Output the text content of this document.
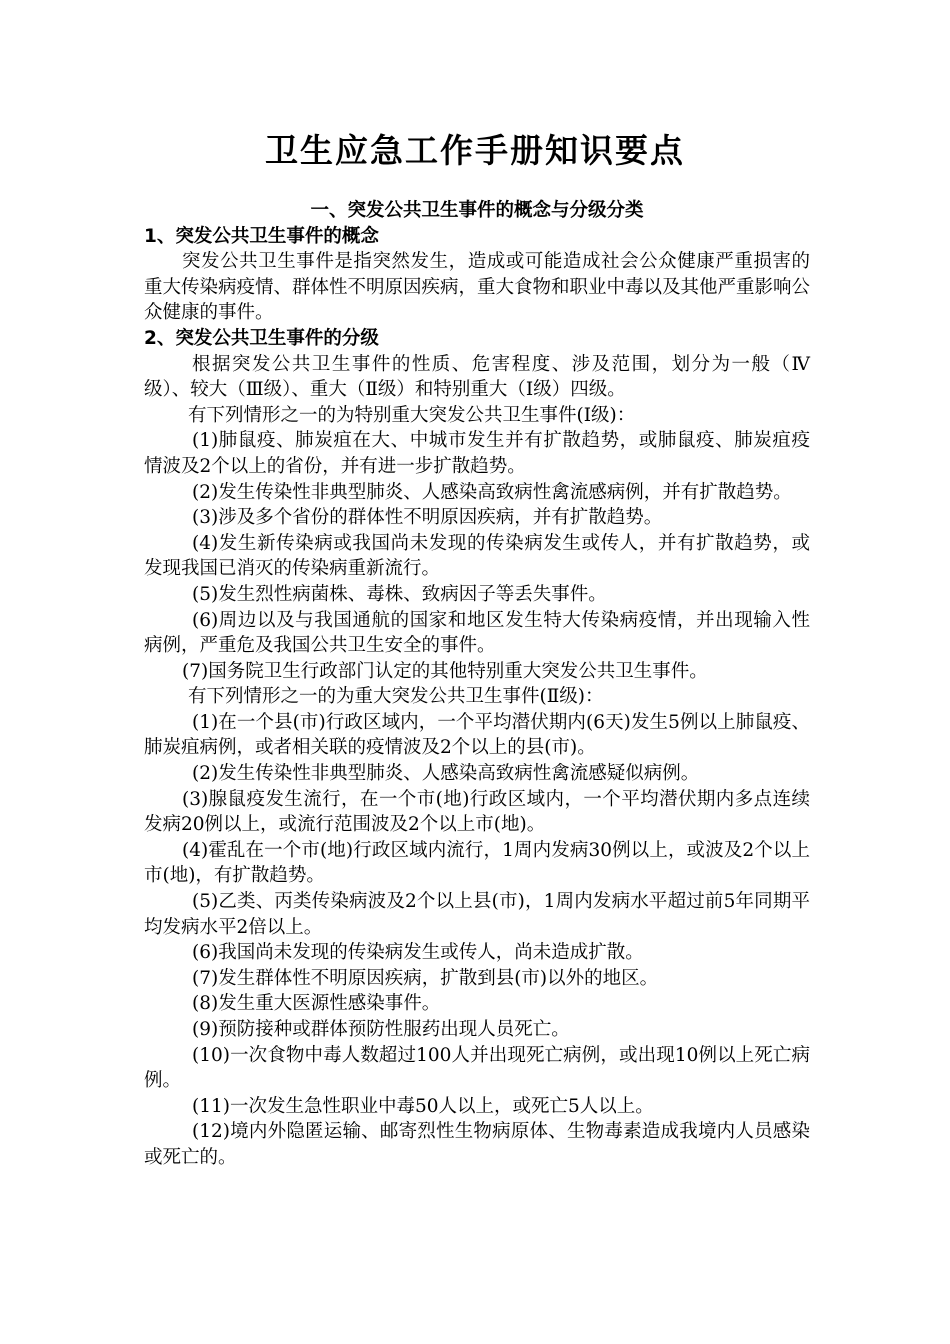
卫生应急工作手册知识要点
一、突发公共卫生事件的概念与分级分类
1、突发公共卫生事件的概念

突发公共卫生事件是指突然发生，造成或可能造成社会公众健康严重损害的重大传染病疫情、群体性不明原因疾病，重大食物和职业中毒以及其他严重影响公众健康的事件。

2、突发公共卫生事件的分级

根据突发公共卫生事件的性质、危害程度、涉及范围，划分为一般（Ⅳ级）、较大（Ⅲ级）、重大（Ⅱ级）和特别重大（Ⅰ级）四级。

有下列情形之一的为特别重大突发公共卫生事件(Ⅰ级)：

(1)肺鼠疫、肺炭疽在大、中城市发生并有扩散趋势，或肺鼠疫、肺炭疽疫情波及2个以上的省份，并有进一步扩散趋势。

(2)发生传染性非典型肺炎、人感染高致病性禽流感病例，并有扩散趋势。

(3)涉及多个省份的群体性不明原因疾病，并有扩散趋势。

(4)发生新传染病或我国尚未发现的传染病发生或传人，并有扩散趋势，或发现我国已消灭的传染病重新流行。

(5)发生烈性病菌株、毒株、致病因子等丢失事件。

(6)周边以及与我国通航的国家和地区发生特大传染病疫情，并出现输入性病例，严重危及我国公共卫生安全的事件。

(7)国务院卫生行政部门认定的其他特别重大突发公共卫生事件。

有下列情形之一的为重大突发公共卫生事件(Ⅱ级)：

(1)在一个县(市)行政区域内，一个平均潜伏期内(6天)发生5例以上肺鼠疫、肺炭疽病例，或者相关联的疫情波及2个以上的县(市)。

(2)发生传染性非典型肺炎、人感染高致病性禽流感疑似病例。

(3)腺鼠疫发生流行，在一个市(地)行政区域内，一个平均潜伏期内多点连续发病20例以上，或流行范围波及2个以上市(地)。

(4)霍乱在一个市(地)行政区域内流行，1周内发病30例以上，或波及2个以上市(地)，有扩散趋势。

(5)乙类、丙类传染病波及2个以上县(市)，1周内发病水平超过前5年同期平均发病水平2倍以上。

(6)我国尚未发现的传染病发生或传人，尚未造成扩散。

(7)发生群体性不明原因疾病，扩散到县(市)以外的地区。

(8)发生重大医源性感染事件。

(9)预防接种或群体预防性服药出现人员死亡。

(10)一次食物中毒人数超过100人并出现死亡病例，或出现10例以上死亡病例。

(11)一次发生急性职业中毒50人以上，或死亡5人以上。

(12)境内外隐匿运输、邮寄烈性生物病原体、生物毒素造成我境内人员感染或死亡的。
